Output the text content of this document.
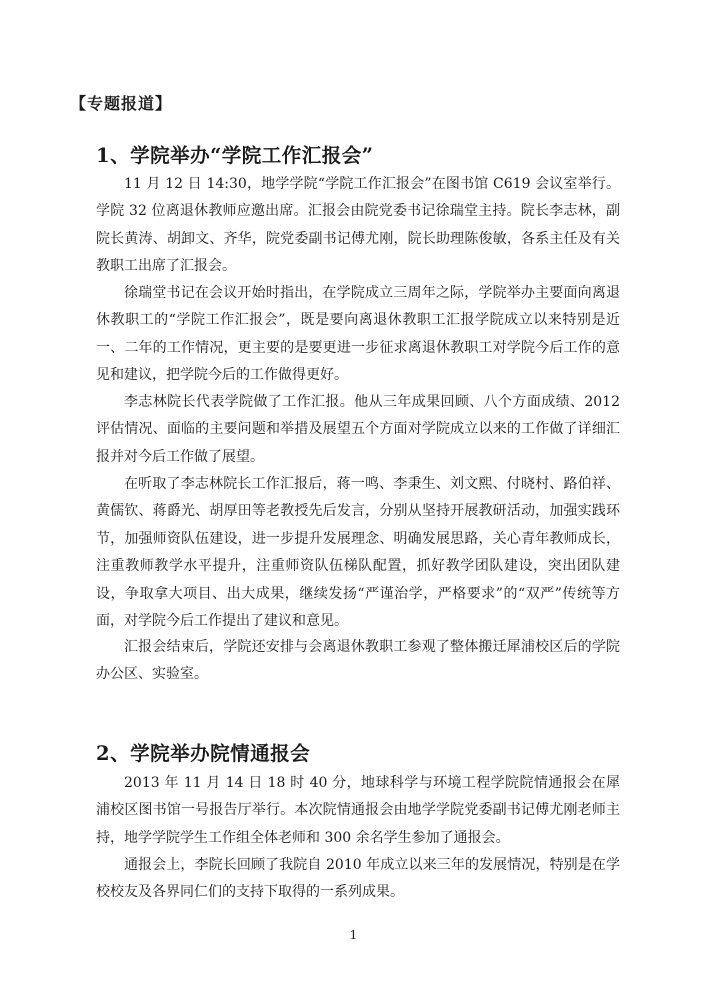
【专题报道】
1、学院举办“学院工作汇报会”

11 月 12 日 14:30，地学学院“学院工作汇报会”在图书馆 C619 会议室举行。学院 32 位离退休教师应邀出席。汇报会由院党委书记徐瑞堂主持。院长李志林，副院长黄涛、胡卸文、齐华，院党委副书记傅尤刚，院长助理陈俊敏，各系主任及有关教职工出席了汇报会。

徐瑞堂书记在会议开始时指出，在学院成立三周年之际，学院举办主要面向离退休教职工的“学院工作汇报会”，既是要向离退休教职工汇报学院成立以来特别是近一、二年的工作情况，更主要的是要更进一步征求离退休教职工对学院今后工作的意见和建议，把学院今后的工作做得更好。

李志林院长代表学院做了工作汇报。他从三年成果回顾、八个方面成绩、2012 评估情况、面临的主要问题和举措及展望五个方面对学院成立以来的工作做了详细汇报并对今后工作做了展望。

在听取了李志林院长工作汇报后，蒋一鸣、李秉生、刘文熙、付晓村、路伯祥、黄儒钦、蒋爵光、胡厚田等老教授先后发言，分别从坚持开展教研活动，加强实践环节，加强师资队伍建设，进一步提升发展理念、明确发展思路，关心青年教师成长，注重教师教学水平提升，注重师资队伍梯队配置，抓好教学团队建设，突出团队建设，争取拿大项目、出大成果，继续发扬“严谨治学，严格要求”的“双严”传统等方面，对学院今后工作提出了建议和意见。

汇报会结束后，学院还安排与会离退休教职工参观了整体搬迁犀浦校区后的学院办公区、实验室。

2、学院举办院情通报会

2013 年 11 月 14 日 18 时 40 分，地球科学与环境工程学院院情通报会在犀浦校区图书馆一号报告厅举行。本次院情通报会由地学学院党委副书记傅尤刚老师主持，地学学院学生工作组全体老师和 300 余名学生参加了通报会。

通报会上，李院长回顾了我院自 2010 年成立以来三年的发展情况，特别是在学校校友及各界同仁们的支持下取得的一系列成果。

1
